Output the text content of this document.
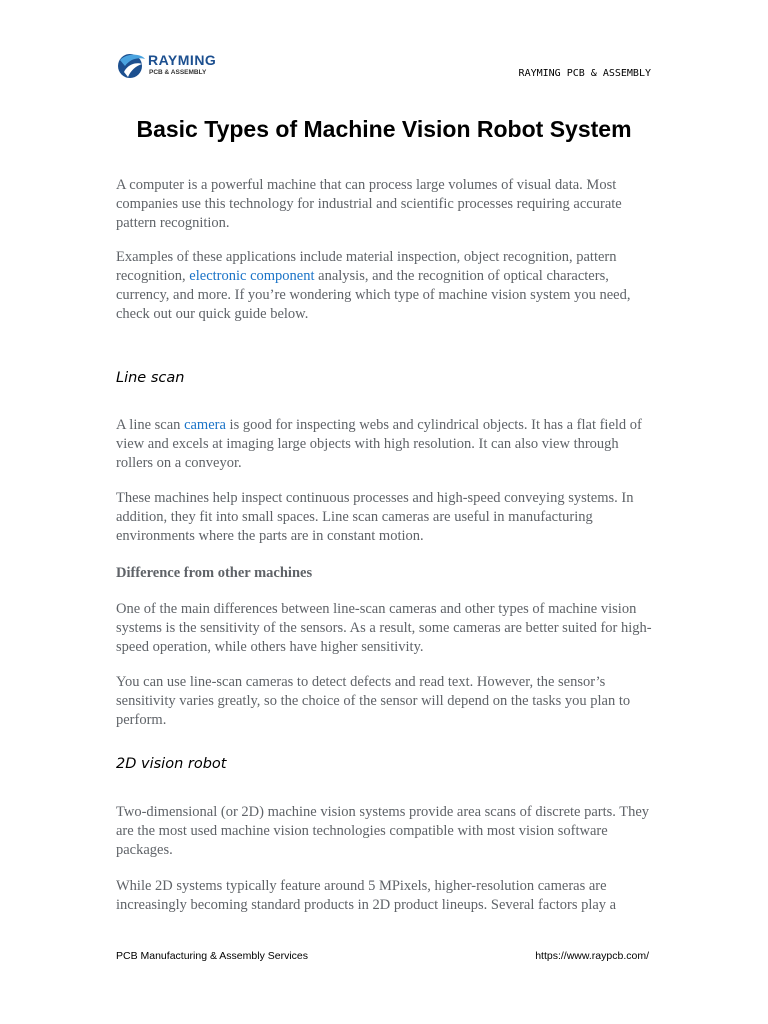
RAYMING
PCB & ASSEMBLY	RAYMING PCB & ASSEMBLY
Basic Types of Machine Vision Robot System

A computer is a powerful machine that can process large volumes of visual data. Most companies use this technology for industrial and scientific processes requiring accurate pattern recognition.

Examples of these applications include material inspection, object recognition, pattern recognition, electronic component analysis, and the recognition of optical characters, currency, and more. If you’re wondering which type of machine vision system you need, check out our quick guide below.

Line scan

A line scan camera is good for inspecting webs and cylindrical objects. It has a flat field of view and excels at imaging large objects with high resolution. It can also view through rollers on a conveyor.

These machines help inspect continuous processes and high-speed conveying systems. In addition, they fit into small spaces. Line scan cameras are useful in manufacturing environments where the parts are in constant motion.

Difference from other machines

One of the main differences between line-scan cameras and other types of machine vision systems is the sensitivity of the sensors. As a result, some cameras are better suited for high-speed operation, while others have higher sensitivity.

You can use line-scan cameras to detect defects and read text. However, the sensor’s sensitivity varies greatly, so the choice of the sensor will depend on the tasks you plan to perform.

2D vision robot

Two-dimensional (or 2D) machine vision systems provide area scans of discrete parts. They are the most used machine vision technologies compatible with most vision software packages.

While 2D systems typically feature around 5 MPixels, higher-resolution cameras are increasingly becoming standard products in 2D product lineups. Several factors play a

PCB Manufacturing & Assembly Services	https://www.raypcb.com/
